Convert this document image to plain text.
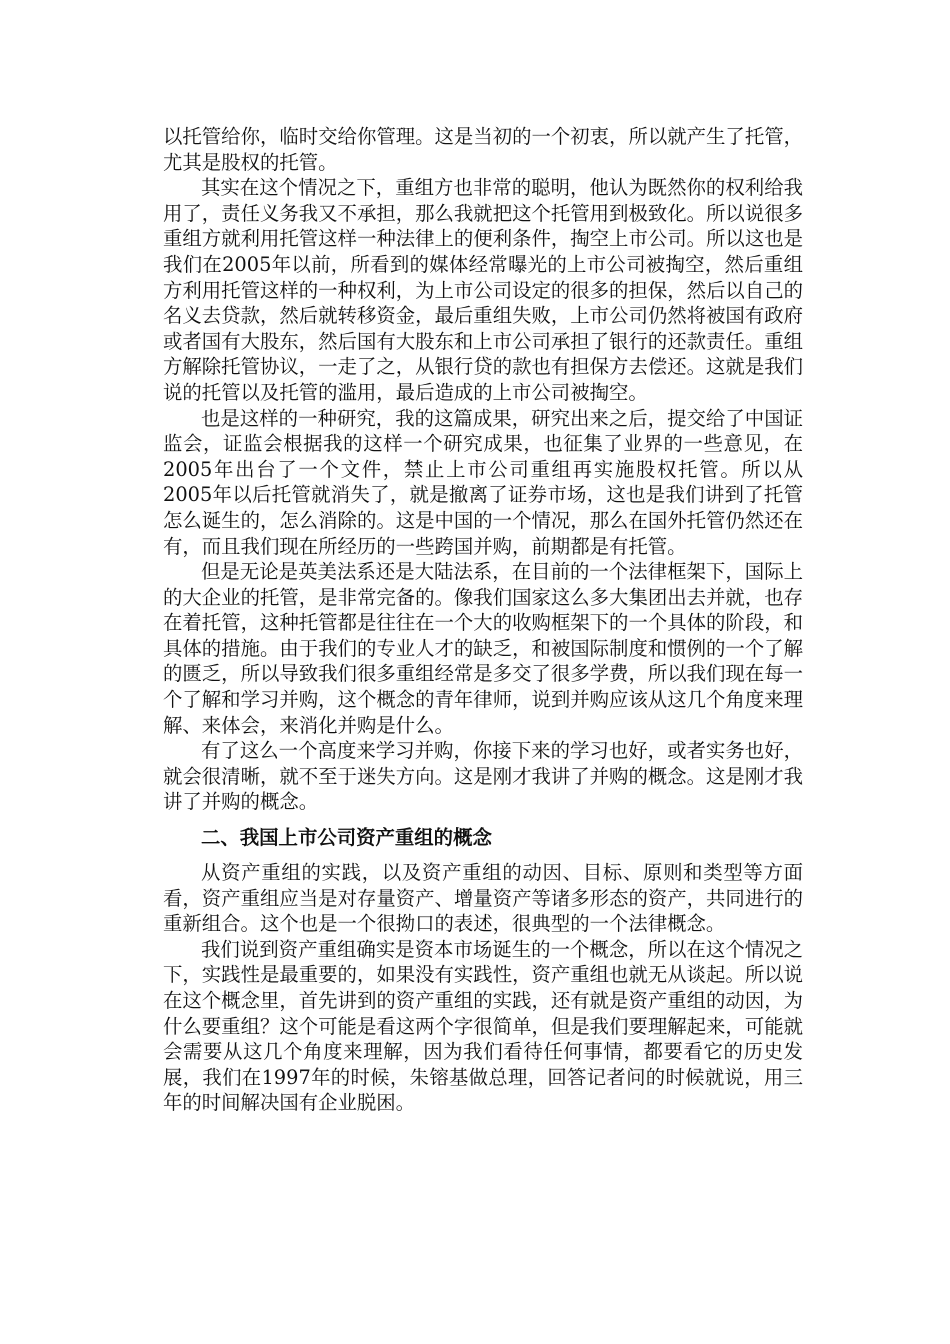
以托管给你，临时交给你管理。这是当初的一个初衷，所以就产生了托管，尤其是股权的托管。

其实在这个情况之下，重组方也非常的聪明，他认为既然你的权利给我用了，责任义务我又不承担，那么我就把这个托管用到极致化。所以说很多重组方就利用托管这样一种法律上的便利条件，掏空上市公司。所以这也是我们在2005年以前，所看到的媒体经常曝光的上市公司被掏空，然后重组方利用托管这样的一种权利，为上市公司设定的很多的担保，然后以自己的名义去贷款，然后就转移资金，最后重组失败，上市公司仍然将被国有政府或者国有大股东，然后国有大股东和上市公司承担了银行的还款责任。重组方解除托管协议，一走了之，从银行贷的款也有担保方去偿还。这就是我们说的托管以及托管的滥用，最后造成的上市公司被掏空。

也是这样的一种研究，我的这篇成果，研究出来之后，提交给了中国证监会，证监会根据我的这样一个研究成果，也征集了业界的一些意见，在2005年出台了一个文件，禁止上市公司重组再实施股权托管。所以从2005年以后托管就消失了，就是撤离了证券市场，这也是我们讲到了托管怎么诞生的，怎么消除的。这是中国的一个情况，那么在国外托管仍然还在有，而且我们现在所经历的一些跨国并购，前期都是有托管。

但是无论是英美法系还是大陆法系，在目前的一个法律框架下，国际上的大企业的托管，是非常完备的。像我们国家这么多大集团出去并就，也存在着托管，这种托管都是往往在一个大的收购框架下的一个具体的阶段，和具体的措施。由于我们的专业人才的缺乏，和被国际制度和惯例的一个了解的匮乏，所以导致我们很多重组经常是多交了很多学费，所以我们现在每一个了解和学习并购，这个概念的青年律师，说到并购应该从这几个角度来理解、来体会，来消化并购是什么。

有了这么一个高度来学习并购，你接下来的学习也好，或者实务也好，就会很清晰，就不至于迷失方向。这是刚才我讲了并购的概念。这是刚才我讲了并购的概念。

二、我国上市公司资产重组的概念

从资产重组的实践，以及资产重组的动因、目标、原则和类型等方面看，资产重组应当是对存量资产、增量资产等诸多形态的资产，共同进行的重新组合。这个也是一个很拗口的表述，很典型的一个法律概念。

我们说到资产重组确实是资本市场诞生的一个概念，所以在这个情况之下，实践性是最重要的，如果没有实践性，资产重组也就无从谈起。所以说在这个概念里，首先讲到的资产重组的实践，还有就是资产重组的动因，为什么要重组？这个可能是看这两个字很简单，但是我们要理解起来，可能就会需要从这几个角度来理解，因为我们看待任何事情，都要看它的历史发展，我们在1997年的时候，朱镕基做总理，回答记者问的时候就说，用三年的时间解决国有企业脱困。
